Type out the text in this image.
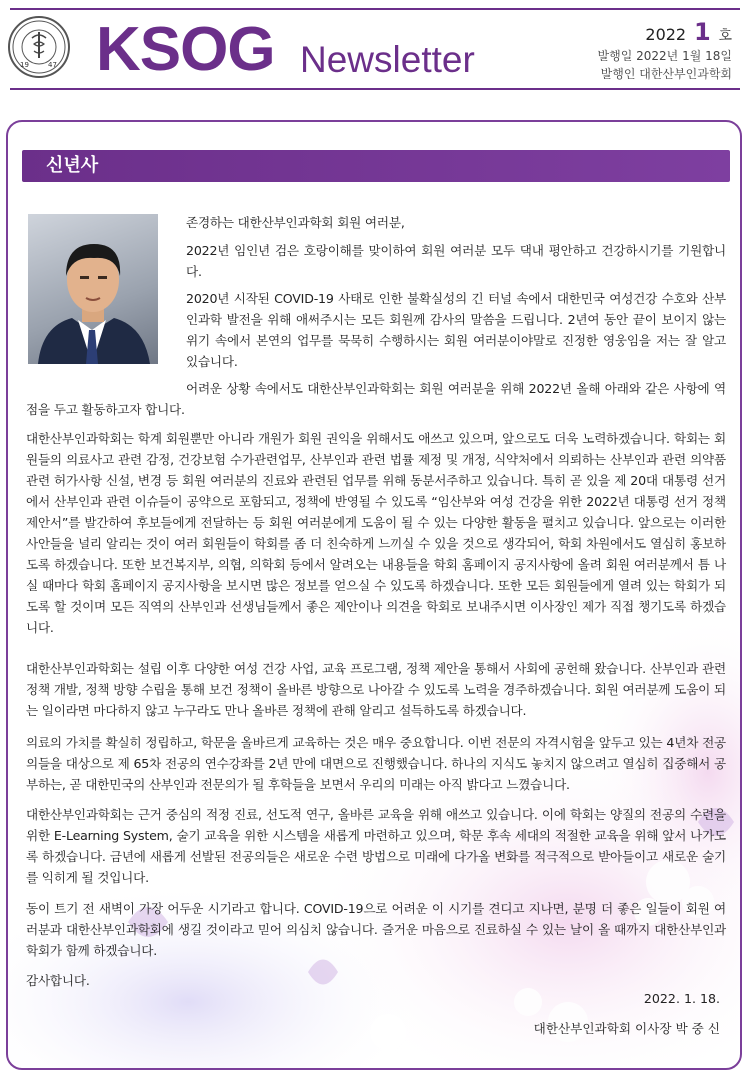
19	47 KSOG Newsletter
2022 1 호
발행일 2022년 1월 18일
발행인 대한산부인과학회
신년사

존경하는 대한산부인과학회 회원 여러분,

2022년 임인년 검은 호랑이해를 맞이하여 회원 여러분 모두 댁내 평안하고 건강하시기를 기원합니다.

2020년 시작된 COVID-19 사태로 인한 불확실성의 긴 터널 속에서 대한민국 여성건강 수호와 산부인과학 발전을 위해 애써주시는 모든 회원께 감사의 말씀을 드립니다. 2년여 동안 끝이 보이지 않는 위기 속에서 본연의 업무를 묵묵히 수행하시는 회원 여러분이야말로 진정한 영웅임을 저는 잘 알고 있습니다.

어려운 상황 속에서도 대한산부인과학회는 회원 여러분을 위해 2022년 올해 아래와 같은 사항에 역점을 두고 활동하고자 합니다.

대한산부인과학회는 학계 회원뿐만 아니라 개원가 회원 권익을 위해서도 애쓰고 있으며, 앞으로도 더욱 노력하겠습니다. 학회는 회원들의 의료사고 관련 감정, 건강보험 수가관련업무, 산부인과 관련 법률 제정 및 개정, 식약처에서 의뢰하는 산부인과 관련 의약품 관련 허가사항 신설, 변경 등 회원 여러분의 진료와 관련된 업무를 위해 동분서주하고 있습니다. 특히 곧 있을 제 20대 대통령 선거에서 산부인과 관련 이슈들이 공약으로 포함되고, 정책에 반영될 수 있도록 “임산부와 여성 건강을 위한 2022년 대통령 선거 정책 제안서”를 발간하여 후보들에게 전달하는 등 회원 여러분에게 도움이 될 수 있는 다양한 활동을 펼치고 있습니다. 앞으로는 이러한 사안들을 널리 알리는 것이 여러 회원들이 학회를 좀 더 친숙하게 느끼실 수 있을 것으로 생각되어, 학회 차원에서도 열심히 홍보하도록 하겠습니다. 또한 보건복지부, 의협, 의학회 등에서 알려오는 내용들을 학회 홈페이지 공지사항에 올려 회원 여러분께서 틈 나실 때마다 학회 홈페이지 공지사항을 보시면 많은 정보를 얻으실 수 있도록 하겠습니다. 또한 모든 회원들에게 열려 있는 학회가 되도록 할 것이며 모든 직역의 산부인과 선생님들께서 좋은 제안이나 의견을 학회로 보내주시면 이사장인 제가 직접 챙기도록 하겠습니다.

대한산부인과학회는 설립 이후 다양한 여성 건강 사업, 교육 프로그램, 정책 제안을 통해서 사회에 공헌해 왔습니다. 산부인과 관련 정책 개발, 정책 방향 수립을 통해 보건 정책이 올바른 방향으로 나아갈 수 있도록 노력을 경주하겠습니다. 회원 여러분께 도움이 되는 일이라면 마다하지 않고 누구라도 만나 올바른 정책에 관해 알리고 설득하도록 하겠습니다.

의료의 가치를 확실히 정립하고, 학문을 올바르게 교육하는 것은 매우 중요합니다. 이번 전문의 자격시험을 앞두고 있는 4년차 전공의들을 대상으로 제 65차 전공의 연수강좌를 2년 만에 대면으로 진행했습니다. 하나의 지식도 놓치지 않으려고 열심히 집중해서 공부하는, 곧 대한민국의 산부인과 전문의가 될 후학들을 보면서 우리의 미래는 아직 밝다고 느꼈습니다.

대한산부인과학회는 근거 중심의 적정 진료, 선도적 연구, 올바른 교육을 위해 애쓰고 있습니다. 이에 학회는 양질의 전공의 수련을 위한 E-Learning System, 술기 교육을 위한 시스템을 새롭게 마련하고 있으며, 학문 후속 세대의 적절한 교육을 위해 앞서 나가도록 하겠습니다. 금년에 새롭게 선발된 전공의들은 새로운 수련 방법으로 미래에 다가올 변화를 적극적으로 받아들이고 새로운 술기를 익히게 될 것입니다.

동이 트기 전 새벽이 가장 어두운 시기라고 합니다. COVID-19으로 어려운 이 시기를 견디고 지나면, 분명 더 좋은 일들이 회원 여러분과 대한산부인과학회에 생길 것이라고 믿어 의심치 않습니다. 즐거운 마음으로 진료하실 수 있는 날이 올 때까지 대한산부인과학회가 함께 하겠습니다.

감사합니다.

2022. 1. 18.
대한산부인과학회 이사장 박 중 신
